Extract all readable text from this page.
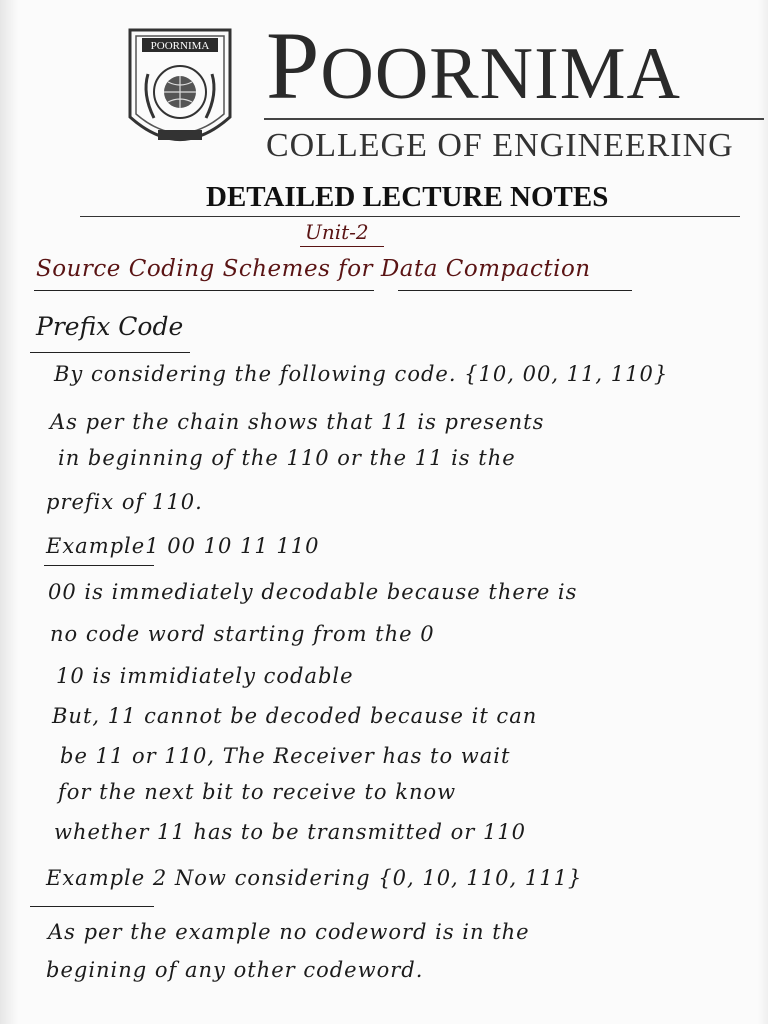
POORNIMA POORNIMA
COLLEGE OF ENGINEERING
DETAILED LECTURE NOTES
Unit-2
Source Coding Schemes for Data Compaction
Prefix Code
By considering the following code. {10, 00, 11, 110}
As per the chain shows that 11 is presents
in beginning of the 110 or the 11 is the
prefix of 110.
Example1 00 10 11 110
00 is immediately decodable because there is
no code word starting from the 0
10 is immidiately codable
But, 11 cannot be decoded because it can
be 11 or 110, The Receiver has to wait
for the next bit to receive to know
whether 11 has to be transmitted or 110
Example 2 Now considering {0, 10, 110, 111}
As per the example no codeword is in the
begining of any other codeword.
